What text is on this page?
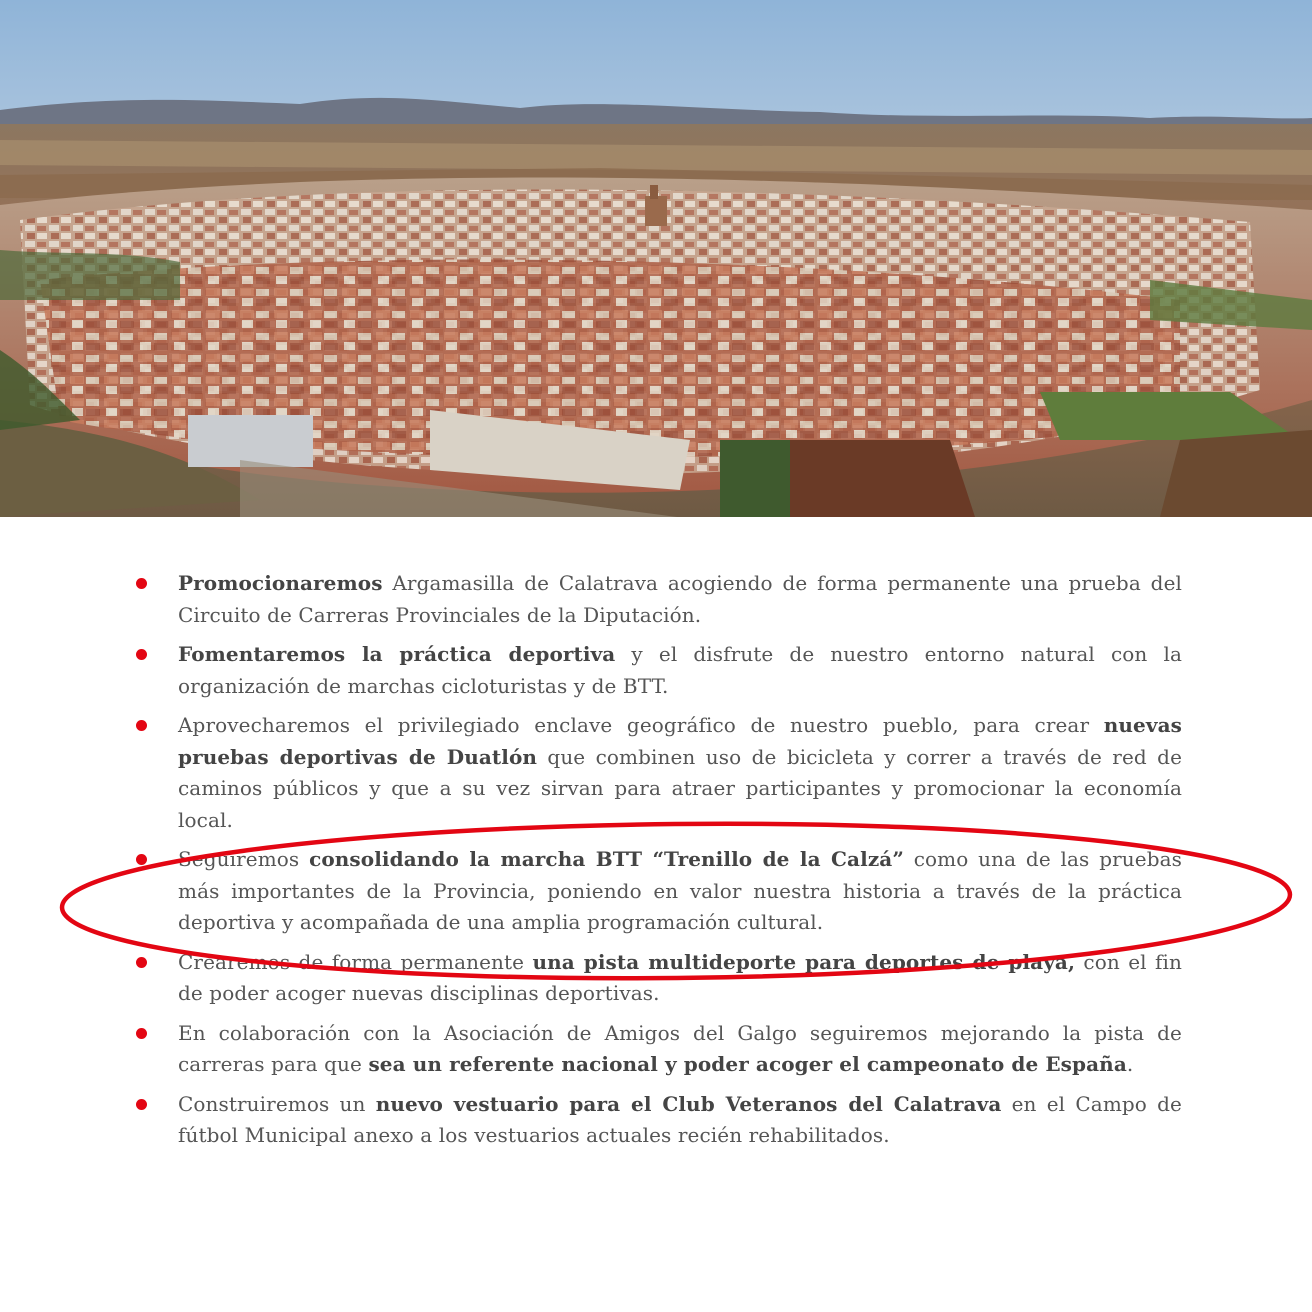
Promocionaremos Argamasilla de Calatrava acogiendo de forma permanente una prueba del Circuito de Carreras Provinciales de la Diputación.
Fomentaremos la práctica deportiva y el disfrute de nuestro entorno natural con la organización de marchas cicloturistas y de BTT.
Aprovecharemos el privilegiado enclave geográfico de nuestro pueblo, para crear nuevas pruebas deportivas de Duatlón que combinen uso de bicicleta y correr a través de red de caminos públicos y que a su vez sirvan para atraer participantes y promocionar la economía local.
Seguiremos consolidando la marcha BTT “Trenillo de la Calzá” como una de las pruebas más importantes de la Provincia, poniendo en valor nuestra historia a través de la práctica deportiva y acompañada de una amplia programación cultural.
Crearemos de forma permanente una pista multideporte para deportes de playa, con el fin de poder acoger nuevas disciplinas deportivas.
En colaboración con la Asociación de Amigos del Galgo seguiremos mejorando la pista de carreras para que sea un referente nacional y poder acoger el campeonato de España.
Construiremos un nuevo vestuario para el Club Veteranos del Calatrava en el Campo de fútbol Municipal anexo a los vestuarios actuales recién rehabilitados.
